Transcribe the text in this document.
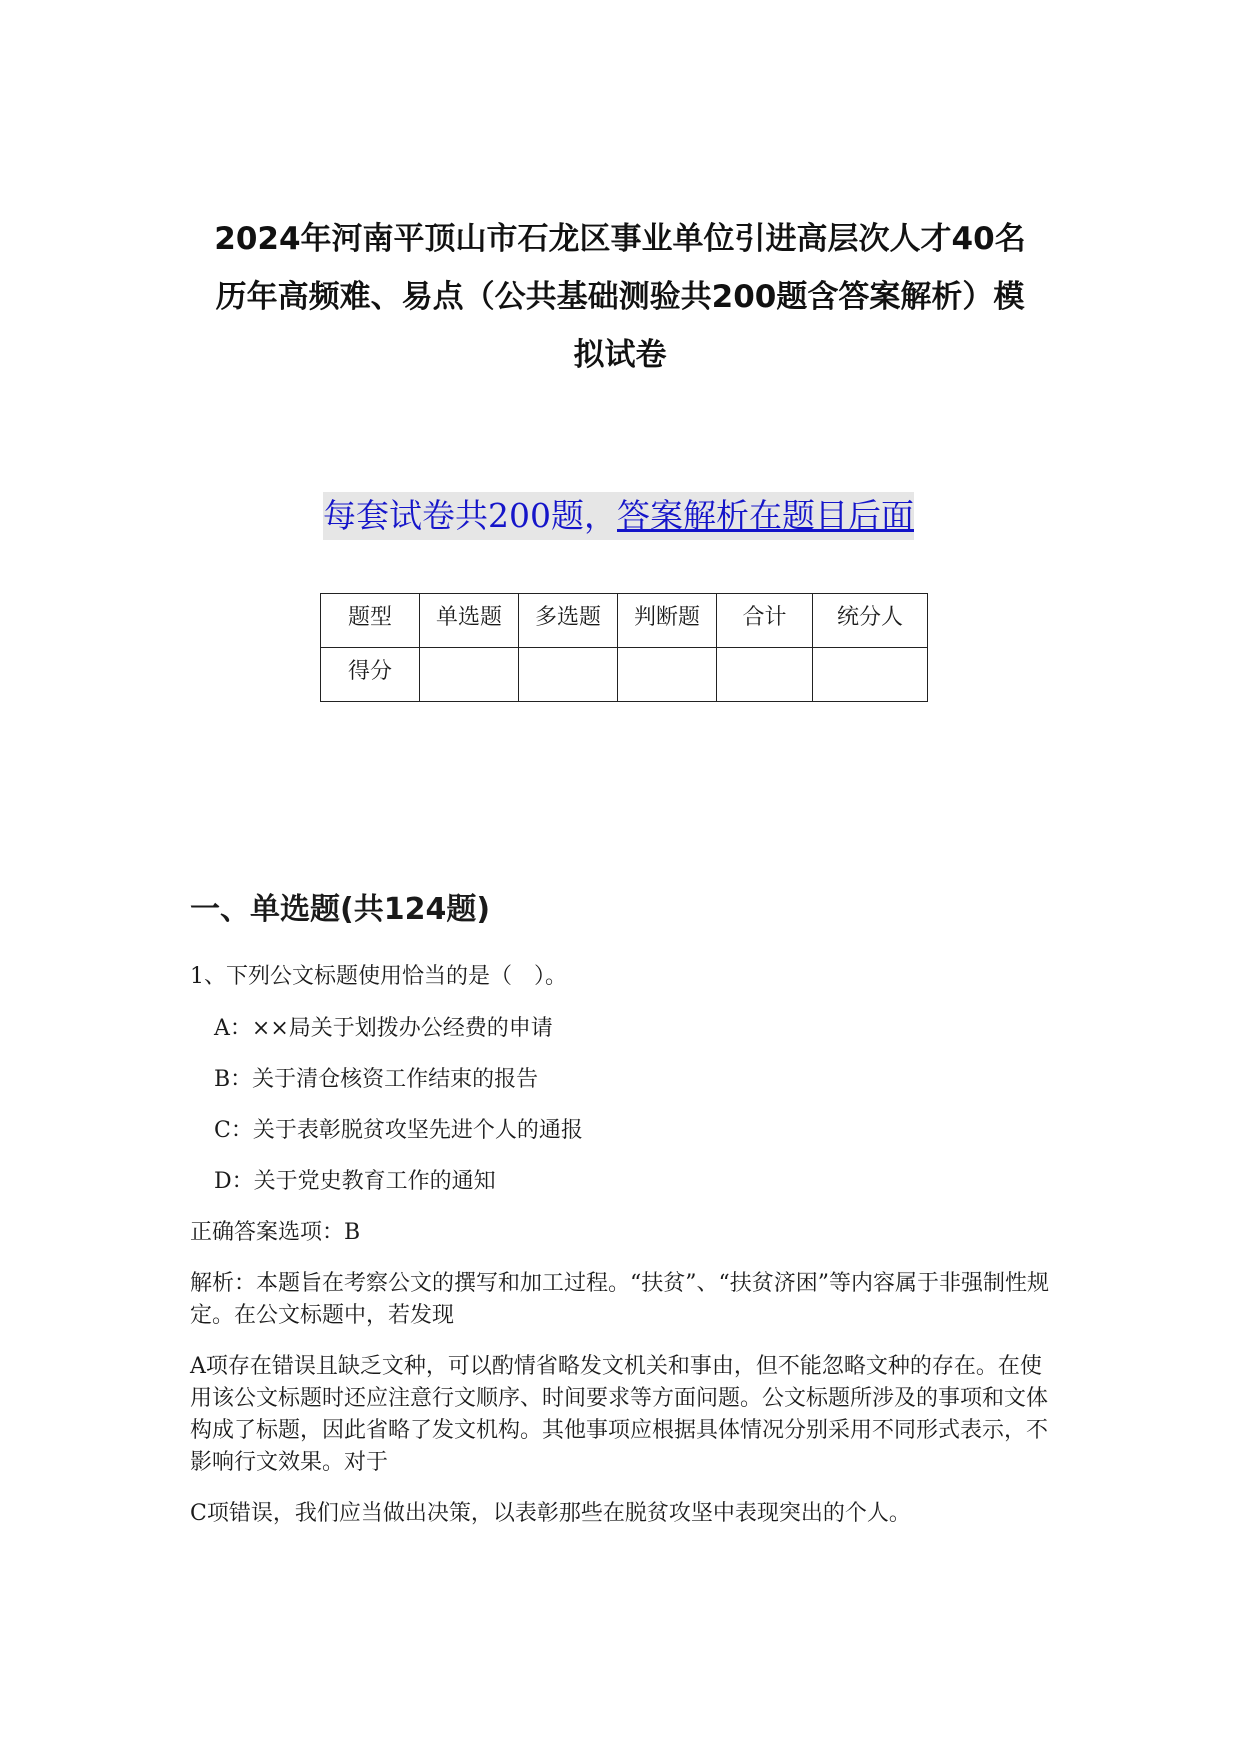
2024年河南平顶山市石龙区事业单位引进高层次人才40名
历年高频难、易点（公共基础测验共200题含答案解析）模
拟试卷
每套试卷共200题，答案解析在题目后面
题型	单选题	多选题	判断题	合计	统分人
得分					
一、单选题(共124题)
1、下列公文标题使用恰当的是（　）。
A：××局关于划拨办公经费的申请
B：关于清仓核资工作结束的报告
C：关于表彰脱贫攻坚先进个人的通报
D：关于党史教育工作的通知
正确答案选项：B
解析：本题旨在考察公文的撰写和加工过程。“扶贫”、“扶贫济困”等内容属于非强制性规定。在公文标题中，若发现
A项存在错误且缺乏文种，可以酌情省略发文机关和事由，但不能忽略文种的存在。在使用该公文标题时还应注意行文顺序、时间要求等方面问题。公文标题所涉及的事项和文体构成了标题，因此省略了发文机构。其他事项应根据具体情况分别采用不同形式表示，不影响行文效果。对于
C项错误，我们应当做出决策，以表彰那些在脱贫攻坚中表现突出的个人。
